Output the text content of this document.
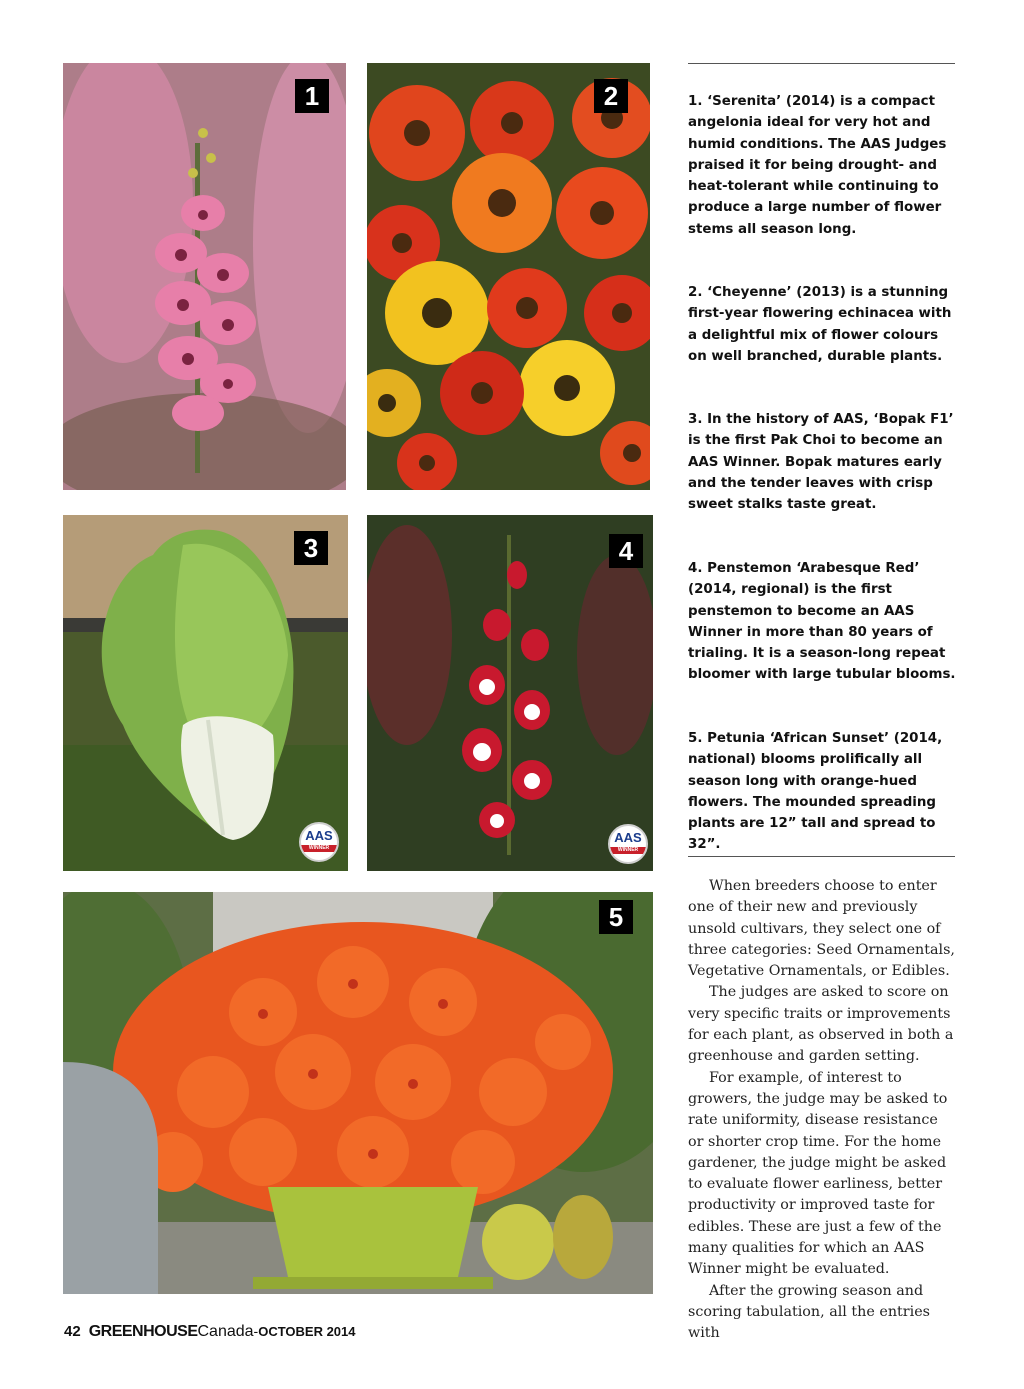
1	2
3
AAS
WINNER
4
AAS
WINNER
5

1. ‘Serenita’ (2014) is a compact angelonia ideal for very hot and humid conditions. The AAS Judges praised it for being drought- and heat-tolerant while continuing to produce a large number of flower stems all season long.

2. ‘Cheyenne’ (2013) is a stunning first-year flowering echinacea with a delightful mix of flower colours on well branched, durable plants.

3. In the history of AAS, ‘Bopak F1’ is the first Pak Choi to become an AAS Winner. Bopak matures early and the tender leaves with crisp sweet stalks taste great.

4. Penstemon ‘Arabesque Red’ (2014, regional) is the first penstemon to become an AAS Winner in more than 80 years of trialing. It is a season-long repeat bloomer with large tubular blooms.

5. Petunia ‘African Sunset’ (2014, national) blooms prolifically all season long with orange-hued flowers. The mounded spreading plants are 12” tall and spread to 32”.

When breeders choose to enter one of their new and previously unsold cultivars, they select one of three categories: Seed Ornamentals, Vegetative Ornamentals, or Edibles.

The judges are asked to score on very specific traits or improvements for each plant, as observed in both a greenhouse and garden setting.

For example, of interest to growers, the judge may be asked to rate uniformity, disease resistance or shorter crop time. For the home gardener, the judge might be asked to evaluate flower earliness, better productivity or improved taste for edibles. These are just a few of the many qualities for which an AAS Winner might be evaluated.

After the growing season and scoring tabulation, all the entries with

42 GREENHOUSECanada-OCTOBER 2014
